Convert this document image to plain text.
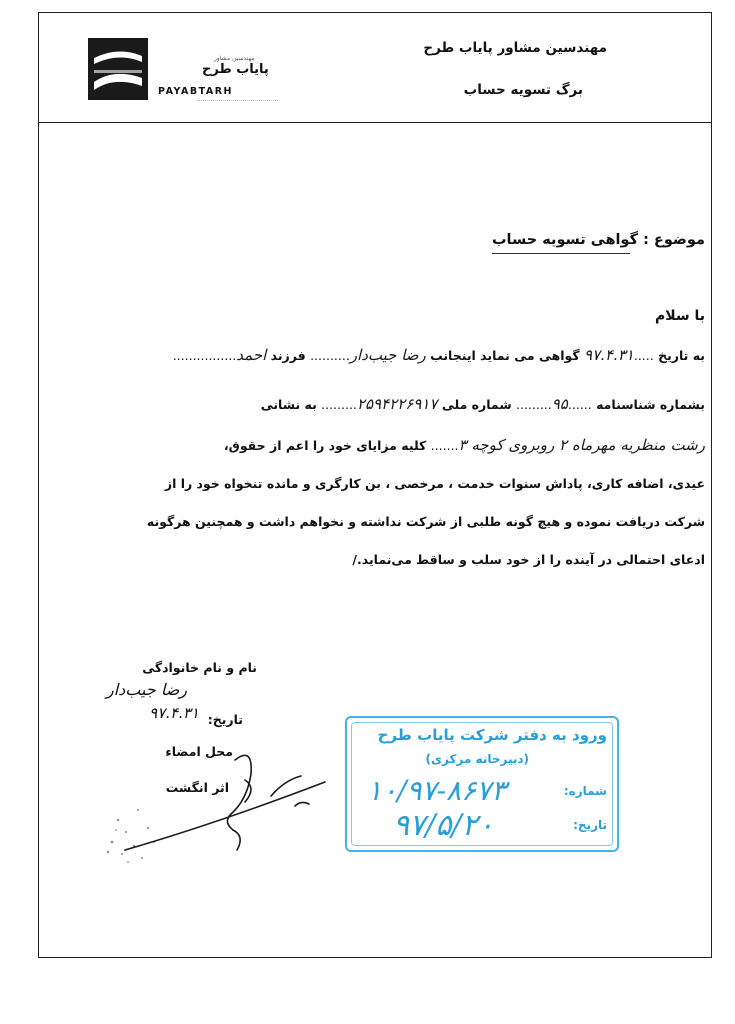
مهندسین مشاور پایاب طرح
برگ تسویه حساب
مهندسین مشاور
پایاب طرح
PAYABTARH
موضوع : گواهی تسویه حساب
با سلام
به تاریخ .....۹۷.۴.۳۱ گواهی می نماید اینجانب رضا جیب‌دار.......... فرزند احمد................
بشماره شناسنامه ......۹۵......... شماره ملی ۲۵۹۴۲۲۶۹۱۷......... به نشانی
رشت منظریه مهرماه ۲ روبروی کوچه ۳....... کلیه مزایای خود را اعم از حقوق،
عیدی، اضافه کاری، پاداش سنوات خدمت ، مرخصی ، بن کارگری و مانده تنخواه خود را از
شرکت دریافت نموده و هیچ گونه طلبی از شرکت نداشته و نخواهم داشت و همچنین هرگونه
ادعای احتمالی در آینده را از خود سلب و ساقط می‌نماید./
نام و نام خانوادگی
رضا جیب‌دار
تاریخ:
۹۷.۴.۳۱
محل امضاء
اثر انگشت
ورود به دفتر شرکت پایاب طرح
(دبیرخانه مرکزی)
شماره:
۱۰/۹۷-۸۶۷۳
تاریخ:
۹۷/۵/۲۰
